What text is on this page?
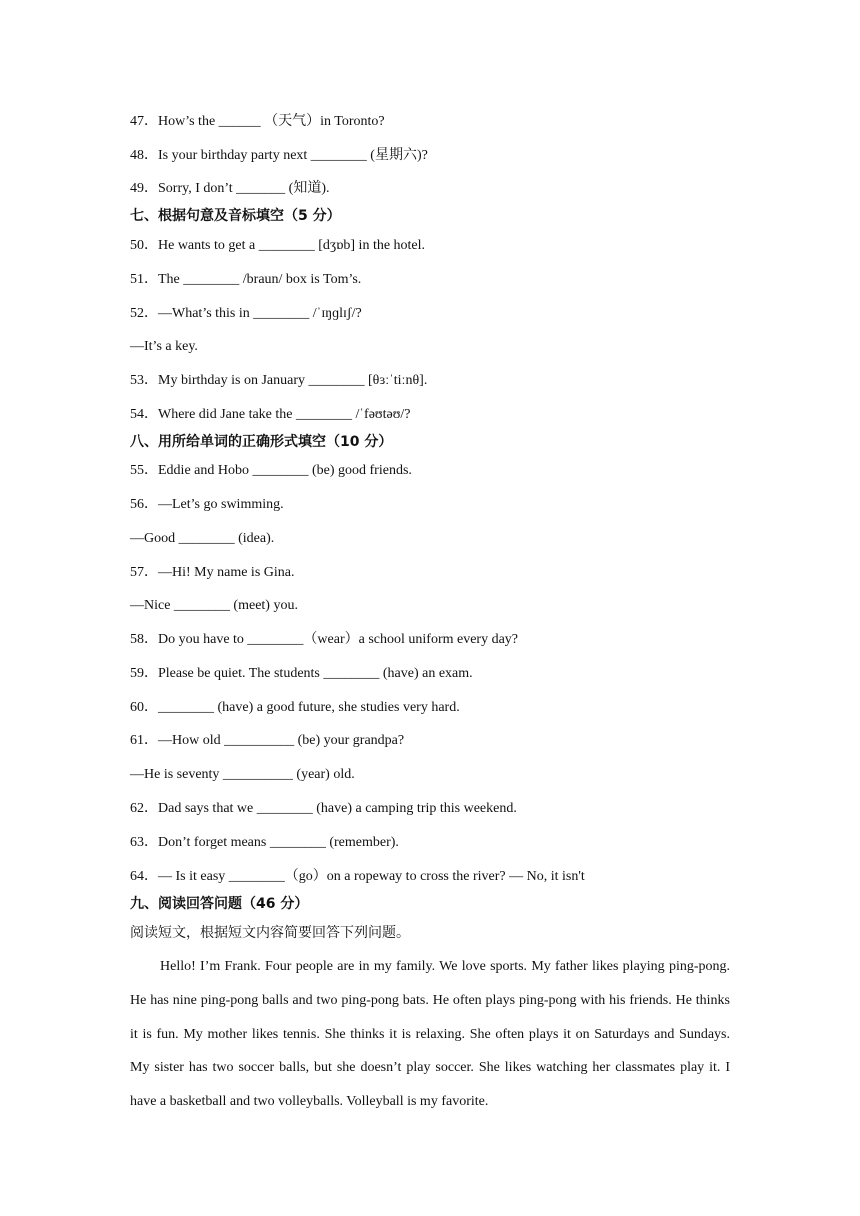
47．How’s the ______ （天气）in Toronto?
48．Is your birthday party next ________ (星期六)?
49．Sorry, I don’t _______ (知道).
七、根据句意及音标填空（5 分）
50．He wants to get a ________ [dʒɒb] in the hotel.
51．The ________ /braun/ box is Tom’s.
52．—What’s this in ________ /ˈɪŋɡlɪʃ/?
—It’s a key.
53．My birthday is on January ________ [θɜːˈtiːnθ].
54．Where did Jane take the ________ /ˈfəʊtəʊ/?
八、用所给单词的正确形式填空（10 分）
55．Eddie and Hobo ________ (be) good friends.
56．—Let’s go swimming.
—Good ________ (idea).
57．—Hi! My name is Gina.
—Nice ________ (meet) you.
58．Do you have to ________（wear）a school uniform every day?
59．Please be quiet. The students ________ (have) an exam.
60．________ (have) a good future, she studies very hard.
61．—How old __________ (be) your grandpa?
—He is seventy __________ (year) old.
62．Dad says that we ________ (have) a camping trip this weekend.
63．Don’t forget means ________ (remember).
64．— Is it easy ________（go）on a ropeway to cross the river? — No, it isn't
九、阅读回答问题（46 分）
阅读短文，根据短文内容简要回答下列问题。
Hello! I’m Frank. Four people are in my family. We love sports. My father likes playing ping-pong. He has nine ping-pong balls and two ping-pong bats. He often plays ping-pong with his friends. He thinks it is fun. My mother likes tennis. She thinks it is relaxing. She often plays it on Saturdays and Sundays. My sister has two soccer balls, but she doesn’t play soccer. She likes watching her classmates play it. I have a basketball and two volleyballs. Volleyball is my favorite.
